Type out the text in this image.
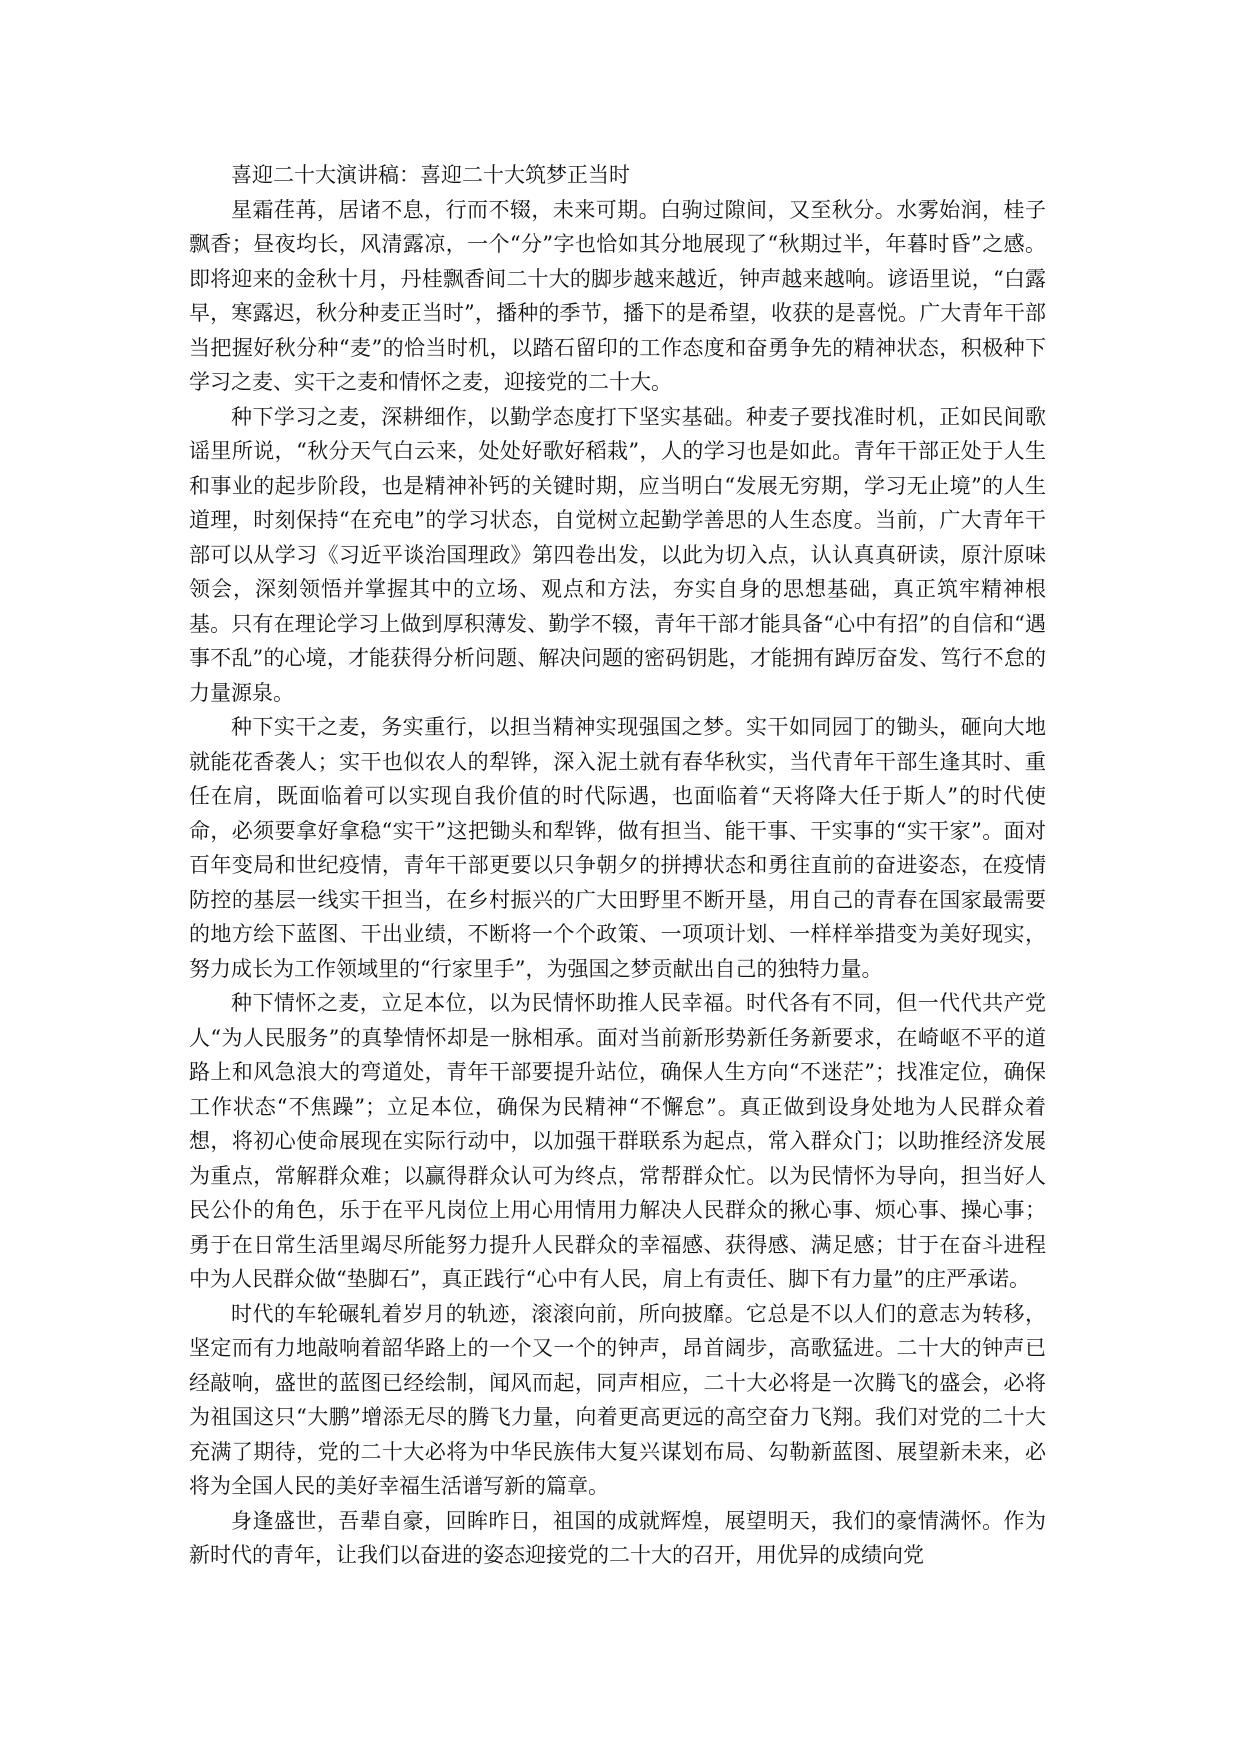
喜迎二十大演讲稿：喜迎二十大筑梦正当时

星霜荏苒，居诸不息，行而不辍，未来可期。白驹过隙间，又至秋分。水雾始润，桂子飘香；昼夜均长，风清露凉，一个“分”字也恰如其分地展现了“秋期过半，年暮时昏”之感。即将迎来的金秋十月，丹桂飘香间二十大的脚步越来越近，钟声越来越响。谚语里说，“白露早，寒露迟，秋分种麦正当时”，播种的季节，播下的是希望，收获的是喜悦。广大青年干部当把握好秋分种“麦”的恰当时机，以踏石留印的工作态度和奋勇争先的精神状态，积极种下学习之麦、实干之麦和情怀之麦，迎接党的二十大。

种下学习之麦，深耕细作，以勤学态度打下坚实基础。种麦子要找准时机，正如民间歌谣里所说，“秋分天气白云来，处处好歌好稻栽”，人的学习也是如此。青年干部正处于人生和事业的起步阶段，也是精神补钙的关键时期，应当明白“发展无穷期，学习无止境”的人生道理，时刻保持“在充电”的学习状态，自觉树立起勤学善思的人生态度。当前，广大青年干部可以从学习《习近平谈治国理政》第四卷出发，以此为切入点，认认真真研读，原汁原味领会，深刻领悟并掌握其中的立场、观点和方法，夯实自身的思想基础，真正筑牢精神根基。只有在理论学习上做到厚积薄发、勤学不辍，青年干部才能具备“心中有招”的自信和“遇事不乱”的心境，才能获得分析问题、解决问题的密码钥匙，才能拥有踔厉奋发、笃行不怠的力量源泉。

种下实干之麦，务实重行，以担当精神实现强国之梦。实干如同园丁的锄头，砸向大地就能花香袭人；实干也似农人的犁铧，深入泥土就有春华秋实，当代青年干部生逢其时、重任在肩，既面临着可以实现自我价值的时代际遇，也面临着“天将降大任于斯人”的时代使命，必须要拿好拿稳“实干”这把锄头和犁铧，做有担当、能干事、干实事的“实干家”。面对百年变局和世纪疫情，青年干部更要以只争朝夕的拼搏状态和勇往直前的奋进姿态，在疫情防控的基层一线实干担当，在乡村振兴的广大田野里不断开垦，用自己的青春在国家最需要的地方绘下蓝图、干出业绩，不断将一个个政策、一项项计划、一样样举措变为美好现实，努力成长为工作领域里的“行家里手”，为强国之梦贡献出自己的独特力量。

种下情怀之麦，立足本位，以为民情怀助推人民幸福。时代各有不同，但一代代共产党人“为人民服务”的真挚情怀却是一脉相承。面对当前新形势新任务新要求，在崎岖不平的道路上和风急浪大的弯道处，青年干部要提升站位，确保人生方向“不迷茫”；找准定位，确保工作状态“不焦躁”；立足本位，确保为民精神“不懈怠”。真正做到设身处地为人民群众着想，将初心使命展现在实际行动中，以加强干群联系为起点，常入群众门；以助推经济发展为重点，常解群众难；以赢得群众认可为终点，常帮群众忙。以为民情怀为导向，担当好人民公仆的角色，乐于在平凡岗位上用心用情用力解决人民群众的揪心事、烦心事、操心事；勇于在日常生活里竭尽所能努力提升人民群众的幸福感、获得感、满足感；甘于在奋斗进程中为人民群众做“垫脚石”，真正践行“心中有人民，肩上有责任、脚下有力量”的庄严承诺。

时代的车轮碾轧着岁月的轨迹，滚滚向前，所向披靡。它总是不以人们的意志为转移，坚定而有力地敲响着韶华路上的一个又一个的钟声，昂首阔步，高歌猛进。二十大的钟声已经敲响，盛世的蓝图已经绘制，闻风而起，同声相应，二十大必将是一次腾飞的盛会，必将为祖国这只“大鹏”增添无尽的腾飞力量，向着更高更远的高空奋力飞翔。我们对党的二十大充满了期待，党的二十大必将为中华民族伟大复兴谋划布局、勾勒新蓝图、展望新未来，必将为全国人民的美好幸福生活谱写新的篇章。

身逢盛世，吾辈自豪，回眸昨日，祖国的成就辉煌，展望明天，我们的豪情满怀。作为新时代的青年，让我们以奋进的姿态迎接党的二十大的召开，用优异的成绩向党
